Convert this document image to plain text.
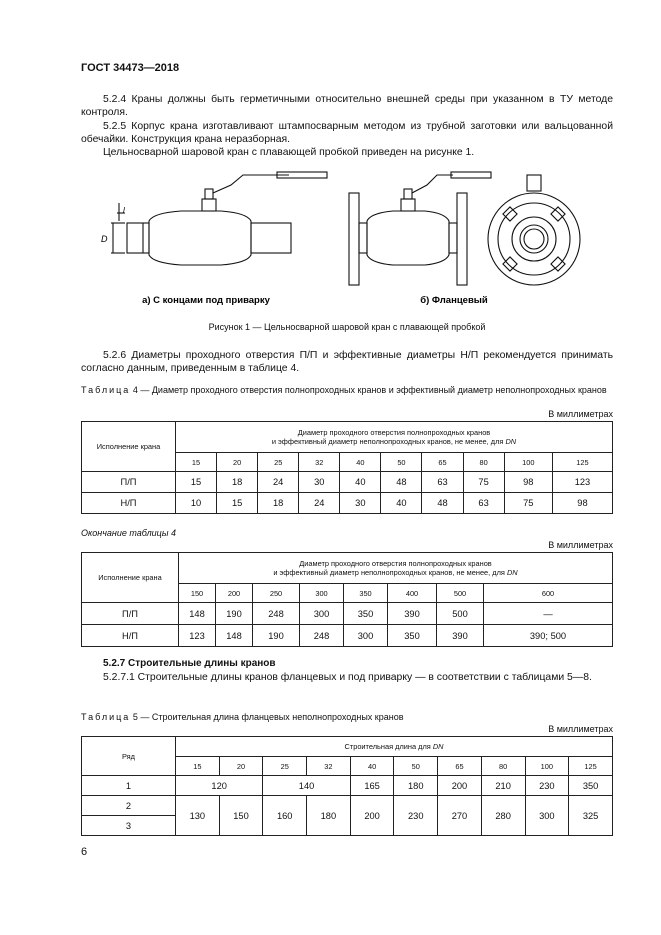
ГОСТ 34473—2018
5.2.4 Краны должны быть герметичными относительно внешней среды при указанном в ТУ методе контроля.
5.2.5 Корпус крана изготавливают штампосварным методом из трубной заготовки или вальцованной обечайки. Конструкция крана неразборная.
Цельносварной шаровой кран с плавающей пробкой приведен на рисунке 1.
D
l
а) С концами под приварку	б) Фланцевый
Рисунок 1 — Цельносварной шаровой кран с плавающей пробкой
5.2.6 Диаметры проходного отверстия П/П и эффективные диаметры Н/П рекомендуется принимать согласно данным, приведенным в таблице 4.
Таблица 4 — Диаметр проходного отверстия полнопроходных кранов и эффективный диаметр неполнопроходных кранов
В миллиметрах
Исполнение крана	Диаметр проходного отверстия полнопроходных кранов
и эффективный диаметр неполнопроходных кранов, не менее, для DN									
	15	20	25	32	40	50	65	80	100	125
П/П	15	18	24	30	40	48	63	75	98	123
Н/П	10	15	18	24	30	40	48	63	75	98
Окончание таблицы 4
В миллиметрах
Исполнение крана	Диаметр проходного отверстия полнопроходных кранов
и эффективный диаметр неполнопроходных кранов, не менее, для DN							
	150	200	250	300	350	400	500	600
П/П	148	190	248	300	350	390	500	—
Н/П	123	148	190	248	300	350	390	390; 500
5.2.7 Строительные длины кранов
5.2.7.1 Строительные длины кранов фланцевых и под приварку — в соответствии с таблицами 5—8.
Таблица 5 — Строительная длина фланцевых неполнопроходных кранов
В миллиметрах
Ряд	Строительная длина для DN									
	15	20	25	32	40	50	65	80	100	125
1	120		140		165	180	200	210	230	350
2	130	150	160	180	200	230	270	280	300	325
3										
6
